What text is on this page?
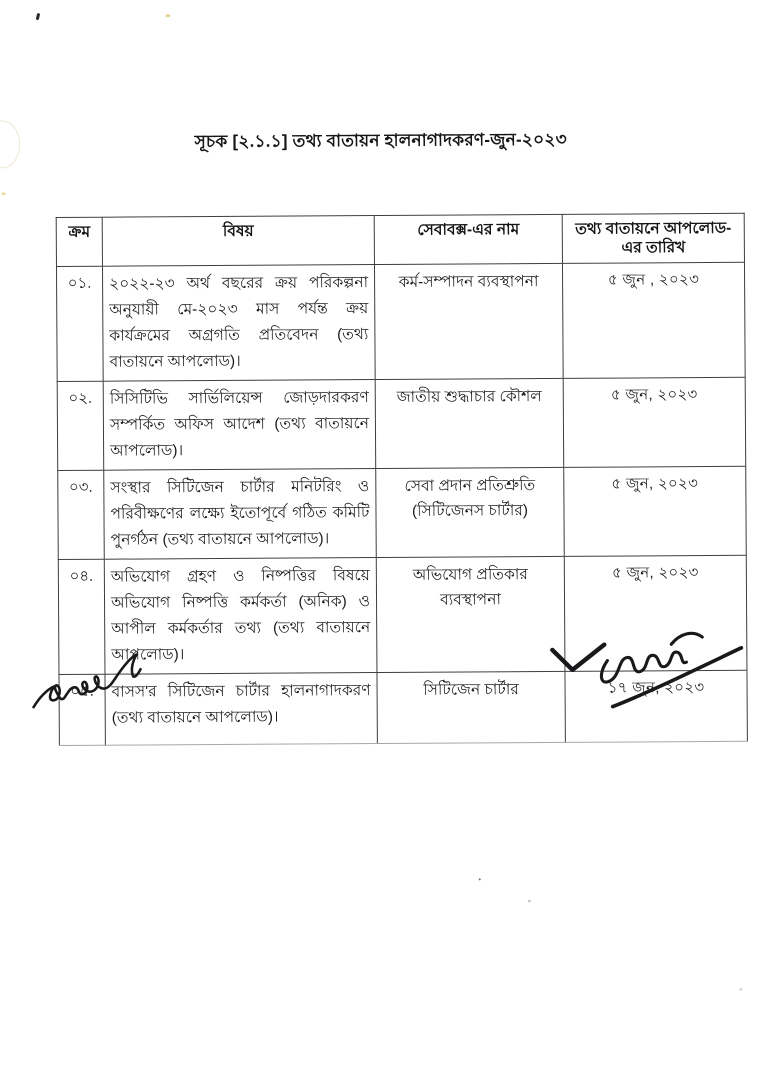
সূচক [২.১.১] তথ্য বাতায়ন হালনাগাদকরণ-জুন-২০২৩
ক্রম	বিষয়	সেবাবক্স-এর নাম	তথ্য বাতায়নে আপলোড-এর তারিখ
০১.	২০২২-২৩ অর্থ বছরের ক্রয় পরিকল্পনা অনুযায়ী মে-২০২৩ মাস পর্যন্ত ক্রয় কার্যক্রমের অগ্রগতি প্রতিবেদন (তথ্য বাতায়নে আপলোড)।	কর্ম-সম্পাদন ব্যবস্থাপনা	৫ জুন , ২০২৩
০২.	সিসিটিভি সার্ভিলিয়েন্স জোড়দারকরণ সম্পর্কিত অফিস আদেশ (তথ্য বাতায়নে আপলোড)।	জাতীয় শুদ্ধাচার কৌশল	৫ জুন, ২০২৩
০৩.	সংস্থার সিটিজেন চার্টার মনিটরিং ও পরিবীক্ষণের লক্ষ্যে ইতোপূর্বে গঠিত কমিটি পুনর্গঠন (তথ্য বাতায়নে আপলোড)।	সেবা প্রদান প্রতিশ্রুতি (সিটিজেনস চার্টার)	৫ জুন, ২০২৩
০৪.	অভিযোগ গ্রহণ ও নিষ্পত্তির বিষয়ে অভিযোগ নিষ্পত্তি কর্মকর্তা (অনিক) ও আপীল কর্মকর্তার তথ্য (তথ্য বাতায়নে আপলোড)।	অভিযোগ প্রতিকার ব্যবস্থাপনা	৫ জুন, ২০২৩
০৫.	বাসস'র সিটিজেন চার্টার হালনাগাদকরণ (তথ্য বাতায়নে আপলোড)।	সিটিজেন চার্টার	১৭ জুন, ২০২৩
